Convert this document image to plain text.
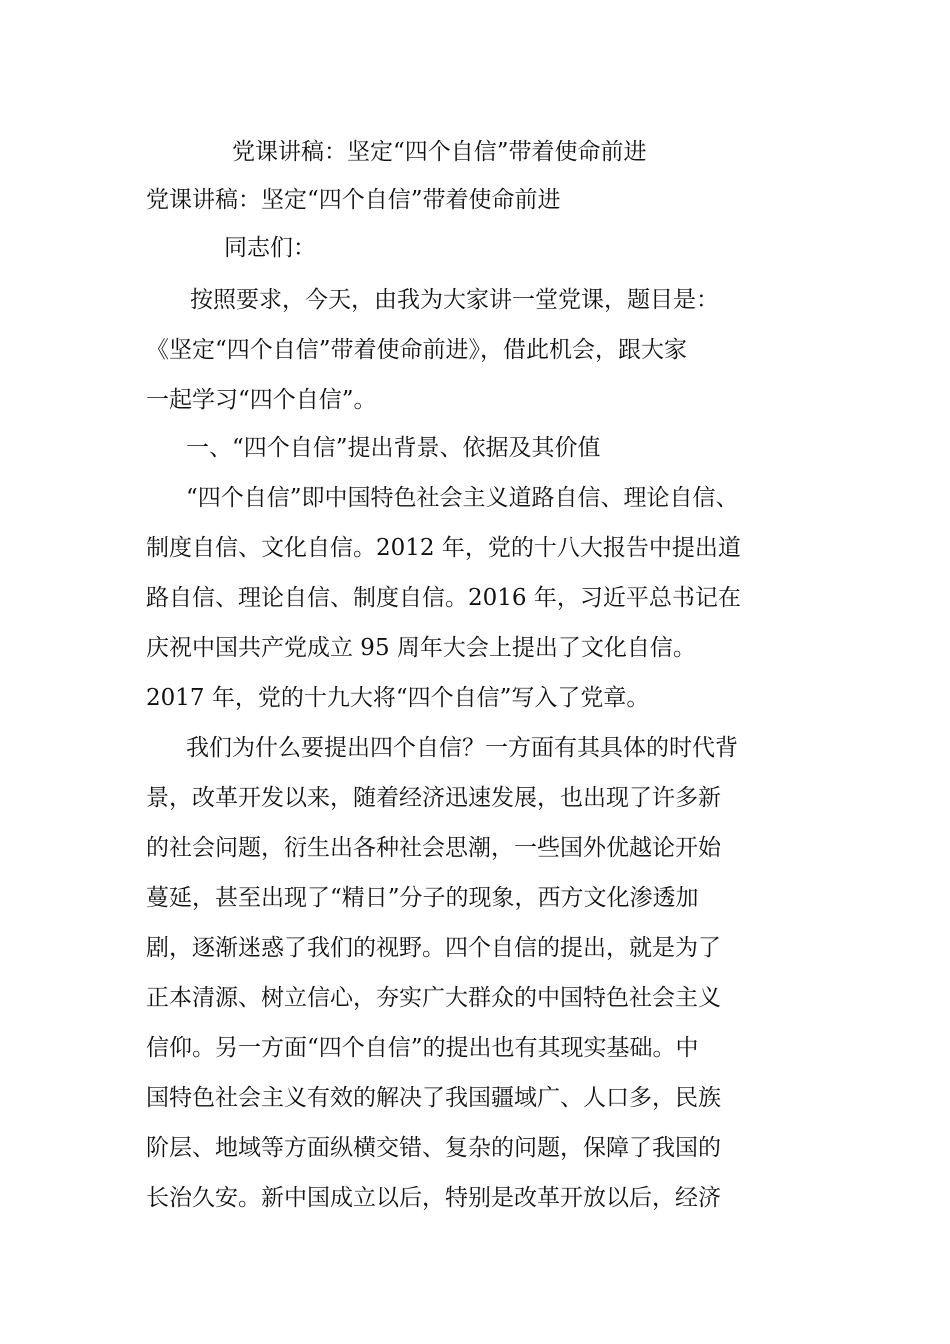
党课讲稿：坚定“四个自信”带着使命前进
党课讲稿：坚定“四个自信”带着使命前进
同志们：
按照要求，今天，由我为大家讲一堂党课，题目是：
《坚定“四个自信”带着使命前进》，借此机会，跟大家
一起学习“四个自信”。
一、“四个自信”提出背景、依据及其价值
“四个自信”即中国特色社会主义道路自信、理论自信、
制度自信、文化自信。2012 年，党的十八大报告中提出道
路自信、理论自信、制度自信。2016 年，习近平总书记在
庆祝中国共产党成立 95 周年大会上提出了文化自信。
2017 年，党的十九大将“四个自信”写入了党章。
我们为什么要提出四个自信？一方面有其具体的时代背
景，改革开发以来，随着经济迅速发展，也出现了许多新
的社会问题，衍生出各种社会思潮，一些国外优越论开始
蔓延，甚至出现了“精日”分子的现象，西方文化渗透加
剧，逐渐迷惑了我们的视野。四个自信的提出，就是为了
正本清源、树立信心，夯实广大群众的中国特色社会主义
信仰。另一方面“四个自信”的提出也有其现实基础。中
国特色社会主义有效的解决了我国疆域广、人口多，民族
阶层、地域等方面纵横交错、复杂的问题，保障了我国的
长治久安。新中国成立以后，特别是改革开放以后，经济
